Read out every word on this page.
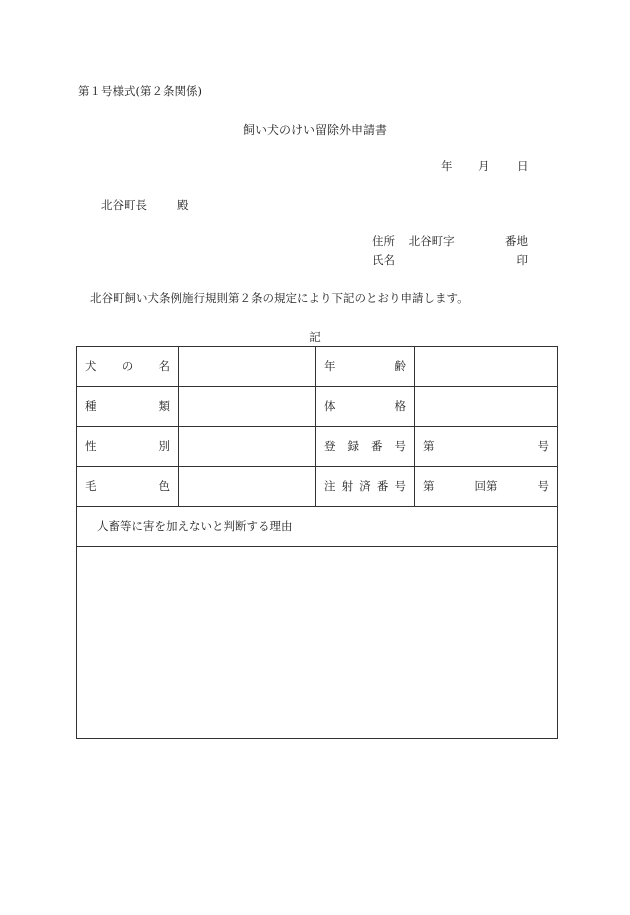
第１号様式(第２条関係)
飼い犬のけい留除外申請書
年	月	日
北谷町長	殿
住所 北谷町字	番地
氏名	印
北谷町飼い犬条例施行規則第２条の規定により下記のとおり申請します。
記
犬 の 名		年 齢	

種 類		体 格	

性 別		登 録 番 号	第 号

毛 色		注 射 済 番 号	第 回第 号

人畜等に害を加えないと判断する理由			
